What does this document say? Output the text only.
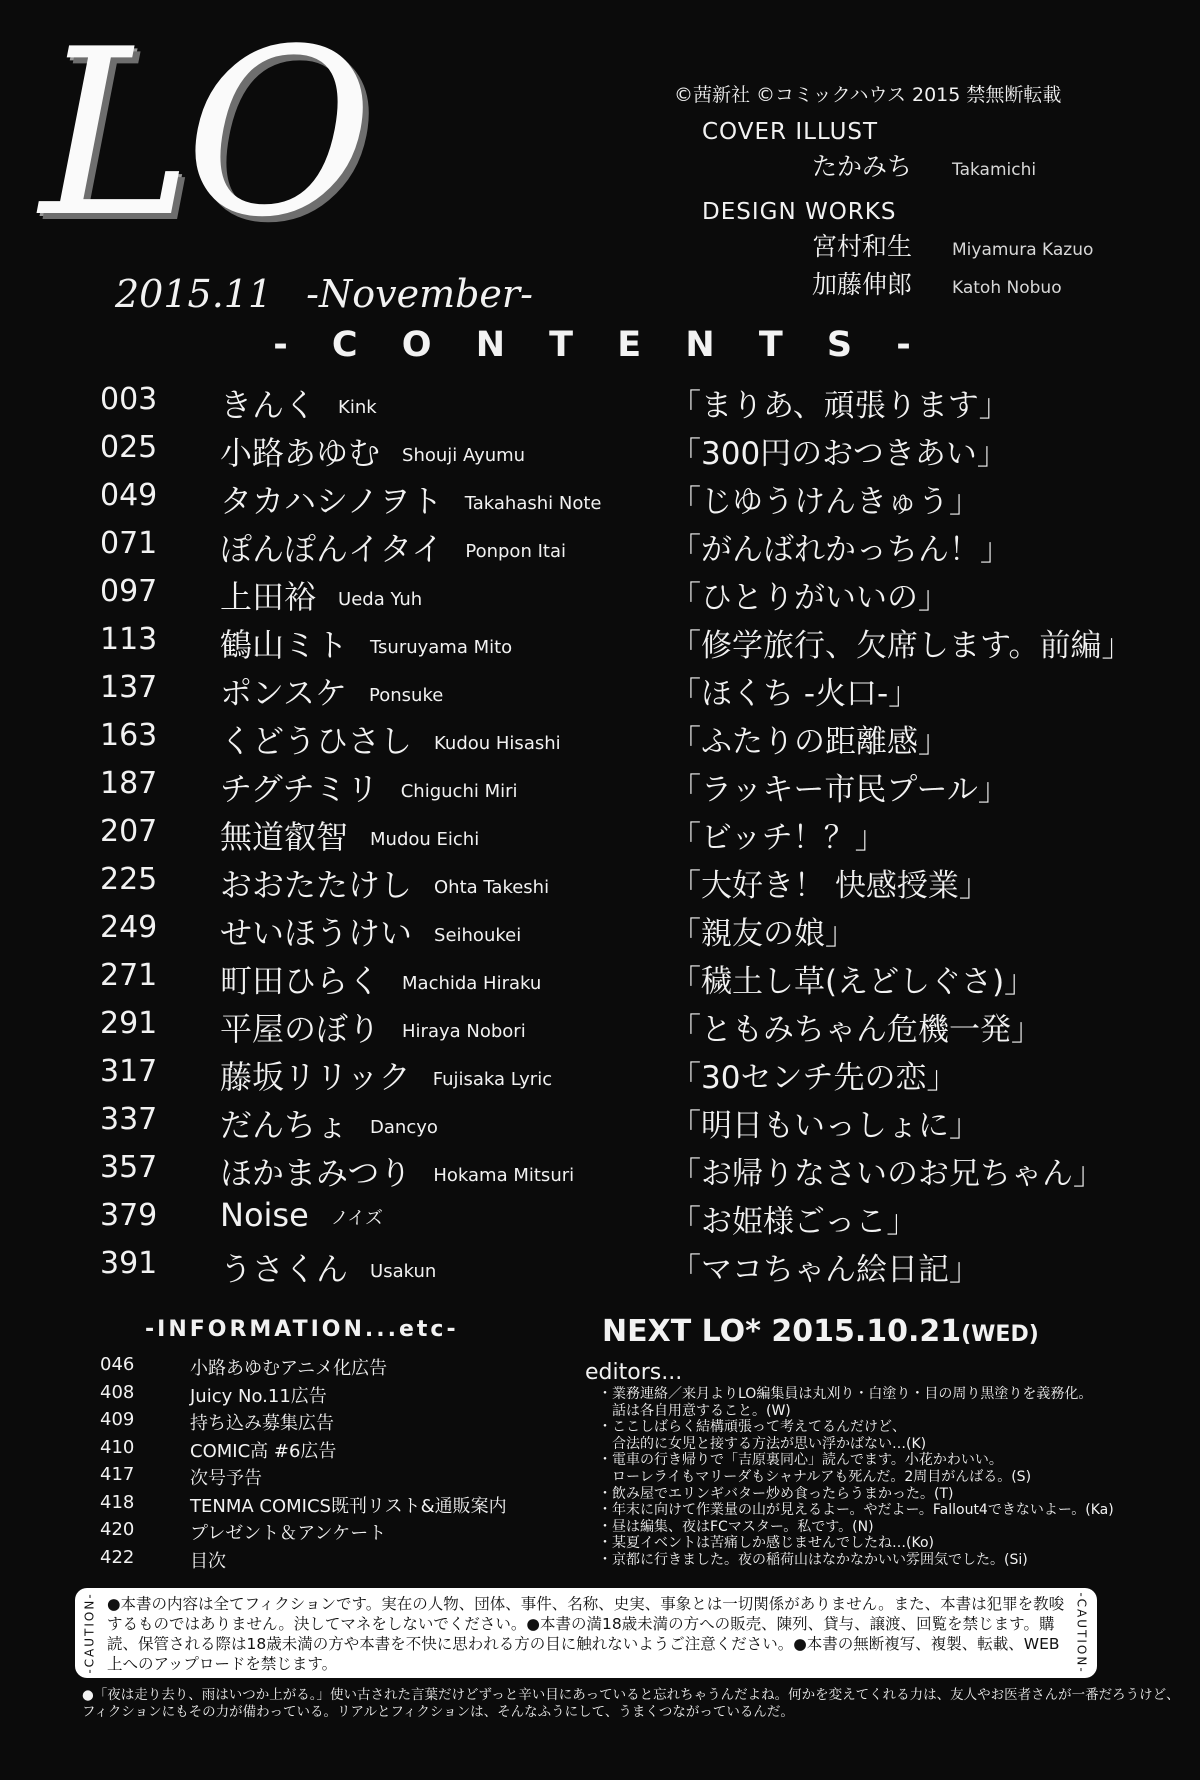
LO
2015.11 -November-
©茜新社 ©コミックハウス 2015 禁無断転載
COVER ILLUST
たかみち	Takamichi
DESIGN WORKS
宮村和生	Miyamura Kazuo
加藤伸郎	Katoh Nobuo
- C O N T E N T S -
003 きんく Kink	「まりあ、頑張ります」
025 小路あゆむ Shouji Ayumu	「300円のおつきあい」
049 タカハシノヲト Takahashi Note 「じゆうけんきゅう」
071 ぽんぽんイタイ Ponpon Itai	「がんばれかっちん！」
097 上田裕 Ueda Yuh	「ひとりがいいの」
113 鶴山ミト Tsuruyama Mito	「修学旅行、欠席します。前編」
137 ポンスケ Ponsuke	「ほくち -火口-」
163 くどうひさし Kudou Hisashi	「ふたりの距離感」
187 チグチミリ Chiguchi Miri	「ラッキー市民プール」
207 無道叡智 Mudou Eichi	「ビッチ！？」
225 おおたたけし Ohta Takeshi	「大好き！ 快感授業」
249 せいほうけい Seihoukei	「親友の娘」
271 町田ひらく Machida Hiraku	「穢土し草(えどしぐさ)」
291 平屋のぼり Hiraya Nobori	「ともみちゃん危機一発」
317 藤坂リリック Fujisaka Lyric	「30センチ先の恋」
337 だんちょ Dancyo	「明日もいっしょに」
357 ほかまみつり Hokama Mitsuri	「お帰りなさいのお兄ちゃん」
379 Noise ノイズ	「お姫様ごっこ」
391 うさくん Usakun	「マコちゃん絵日記」
-INFORMATION...etc-
046	小路あゆむアニメ化広告
408	Juicy No.11広告
409	持ち込み募集広告
410	COMIC高 #6広告
417	次号予告
418	TENMA COMICS既刊リスト&通販案内
420	プレゼント＆アンケート
422	目次
NEXT LO* 2015.10.21(WED)
editors...
・業務連絡／来月よりLO編集員は丸刈り・白塗り・目の周り黒塗りを義務化。
　話は各自用意すること。(W)
・ここしばらく結構頑張って考えてるんだけど、
　合法的に女児と接する方法が思い浮かばない…(K)
・電車の行き帰りで「吉原裏同心」読んでます。小花かわいい。
　ローレライもマリーダもシャナルアも死んだ。2周目がんばる。(S)
・飲み屋でエリンギバター炒め食ったらうまかった。(T)
・年末に向けて作業量の山が見えるよー。やだよー。Fallout4できないよー。(Ka)
・昼は編集、夜はFCマスター。私です。(N)
・某夏イベントは苦痛しか感じませんでしたね…(Ko)
・京都に行きました。夜の稲荷山はなかなかいい雰囲気でした。(Si)
-CAUTION- ●本書の内容は全てフィクションです。実在の人物、団体、事件、名称、史実、事象とは一切関係がありません。また、本書は犯罪を教唆するものではありません。決してマネをしないでください。●本書の満18歳未満の方への販売、陳列、貸与、譲渡、回覧を禁じます。購読、保管される際は18歳未満の方や本書を不快に思われる方の目に触れないようご注意ください。●本書の無断複写、複製、転載、WEB上へのアップロードを禁じます。	-CAUTION-
●「夜は走り去り、雨はいつか上がる。」使い古された言葉だけどずっと辛い目にあっていると忘れちゃうんだよね。何かを変えてくれる力は、友人やお医者さんが一番だろうけど、フィクションにもその力が備わっている。リアルとフィクションは、そんなふうにして、うまくつながっているんだ。
